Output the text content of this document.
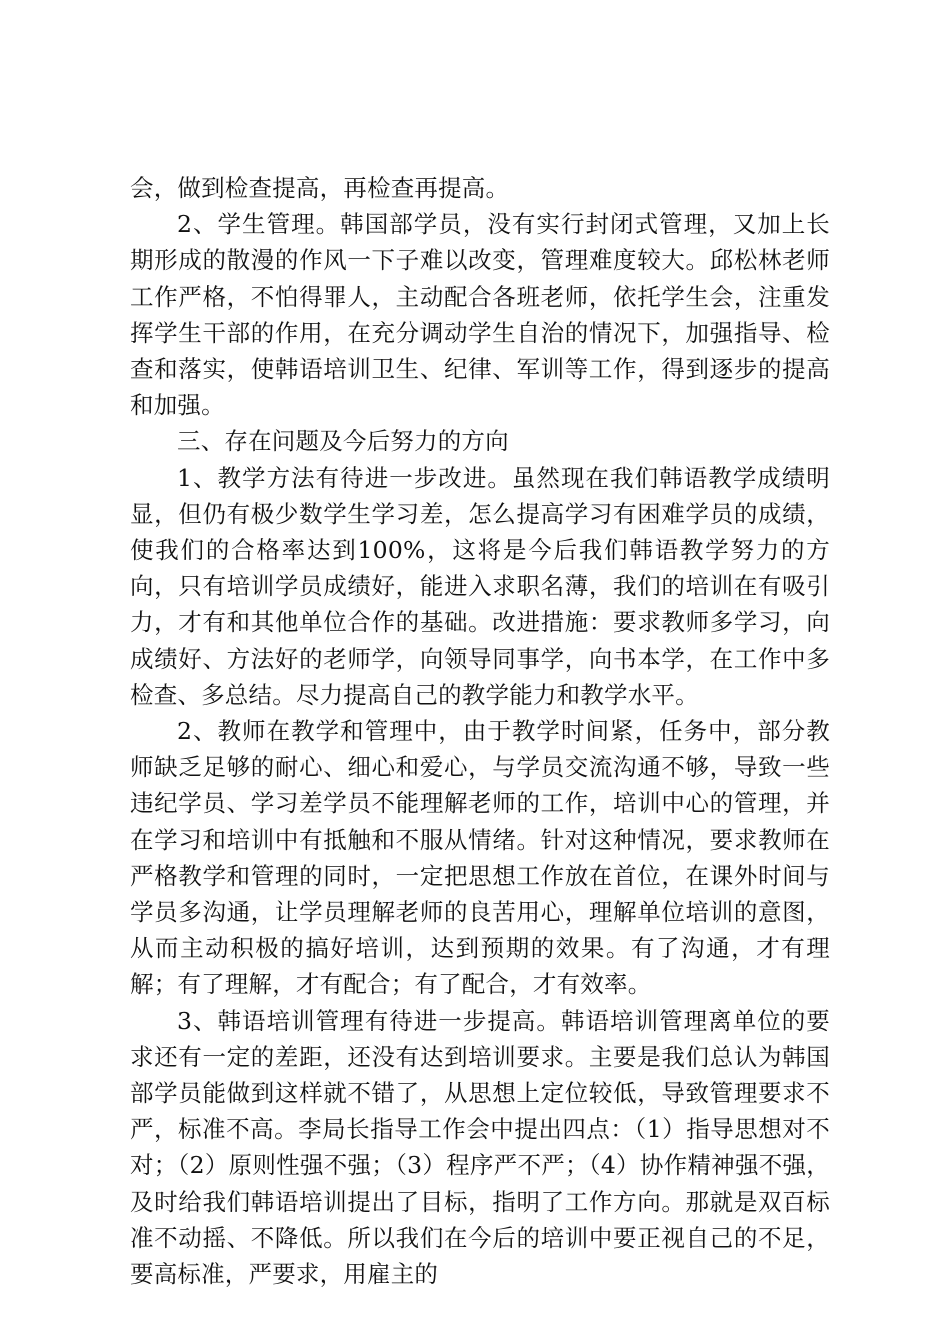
会，做到检查提高，再检查再提高。

2、学生管理。韩国部学员，没有实行封闭式管理，又加上长期形成的散漫的作风一下子难以改变，管理难度较大。邱松林老师工作严格，不怕得罪人，主动配合各班老师，依托学生会，注重发挥学生干部的作用，在充分调动学生自治的情况下，加强指导、检查和落实，使韩语培训卫生、纪律、军训等工作，得到逐步的提高和加强。

三、存在问题及今后努力的方向

1、教学方法有待进一步改进。虽然现在我们韩语教学成绩明显，但仍有极少数学生学习差，怎么提高学习有困难学员的成绩，使我们的合格率达到100%，这将是今后我们韩语教学努力的方向，只有培训学员成绩好，能进入求职名薄，我们的培训在有吸引力，才有和其他单位合作的基础。改进措施：要求教师多学习，向成绩好、方法好的老师学，向领导同事学，向书本学，在工作中多检查、多总结。尽力提高自己的教学能力和教学水平。

2、教师在教学和管理中，由于教学时间紧，任务中，部分教师缺乏足够的耐心、细心和爱心，与学员交流沟通不够，导致一些违纪学员、学习差学员不能理解老师的工作，培训中心的管理，并在学习和培训中有抵触和不服从情绪。针对这种情况，要求教师在严格教学和管理的同时，一定把思想工作放在首位，在课外时间与学员多沟通，让学员理解老师的良苦用心，理解单位培训的意图，从而主动积极的搞好培训，达到预期的效果。有了沟通，才有理解；有了理解，才有配合；有了配合，才有效率。

3、韩语培训管理有待进一步提高。韩语培训管理离单位的要求还有一定的差距，还没有达到培训要求。主要是我们总认为韩国部学员能做到这样就不错了，从思想上定位较低，导致管理要求不严，标准不高。李局长指导工作会中提出四点：（1）指导思想对不对；（2）原则性强不强；（3）程序严不严；（4）协作精神强不强，及时给我们韩语培训提出了目标，指明了工作方向。那就是双百标准不动摇、不降低。所以我们在今后的培训中要正视自己的不足，要高标准，严要求，用雇主的
